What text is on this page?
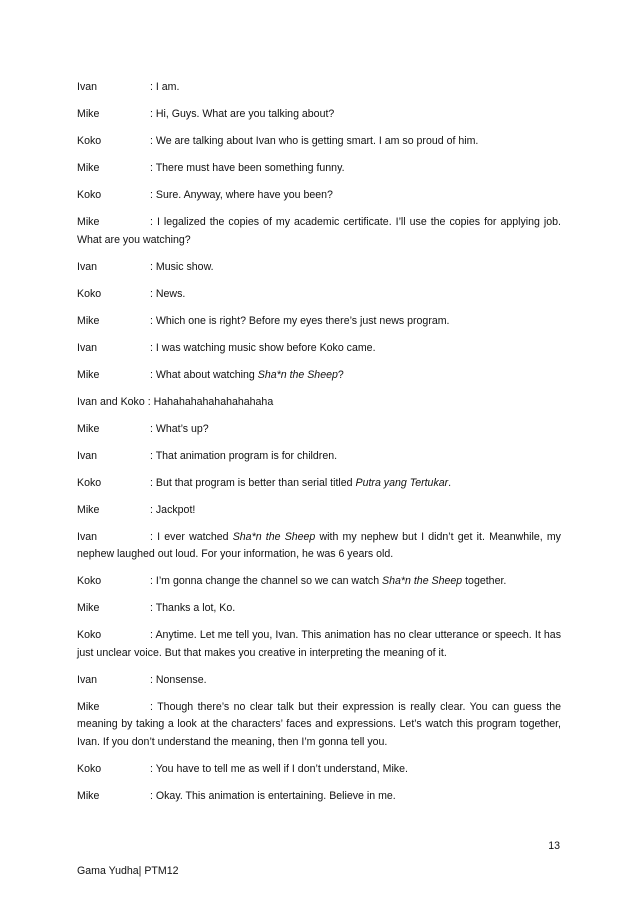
Ivan	: I am.

Mike	: Hi, Guys. What are you talking about?

Koko	: We are talking about Ivan who is getting smart. I am so proud of him.

Mike	: There must have been something funny.

Koko	: Sure. Anyway, where have you been?

Mike	: I legalized the copies of my academic certificate. I’ll use the copies for applying job. What are you watching?

Ivan	: Music show.

Koko	: News.

Mike	: Which one is right? Before my eyes there’s just news program.

Ivan	: I was watching music show before Koko came.

Mike	: What about watching Sha*n the Sheep?

Ivan and Koko : Hahahahahahahahahaha

Mike	: What’s up?

Ivan	: That animation program is for children.

Koko	: But that program is better than serial titled Putra yang Tertukar.

Mike	: Jackpot!

Ivan	: I ever watched Sha*n the Sheep with my nephew but I didn’t get it. Meanwhile, my nephew laughed out loud. For your information, he was 6 years old.

Koko	: I’m gonna change the channel so we can watch Sha*n the Sheep together.

Mike	: Thanks a lot, Ko.

Koko	: Anytime. Let me tell you, Ivan. This animation has no clear utterance or speech. It has just unclear voice. But that makes you creative in interpreting the meaning of it.

Ivan	: Nonsense.

Mike	: Though there’s no clear talk but their expression is really clear. You can guess the meaning by taking a look at the characters’ faces and expressions. Let’s watch this program together, Ivan. If you don’t understand the meaning, then I’m gonna tell you.

Koko	: You have to tell me as well if I don’t understand, Mike.

Mike	: Okay. This animation is entertaining. Believe in me.

13
Gama Yudha| PTM12
